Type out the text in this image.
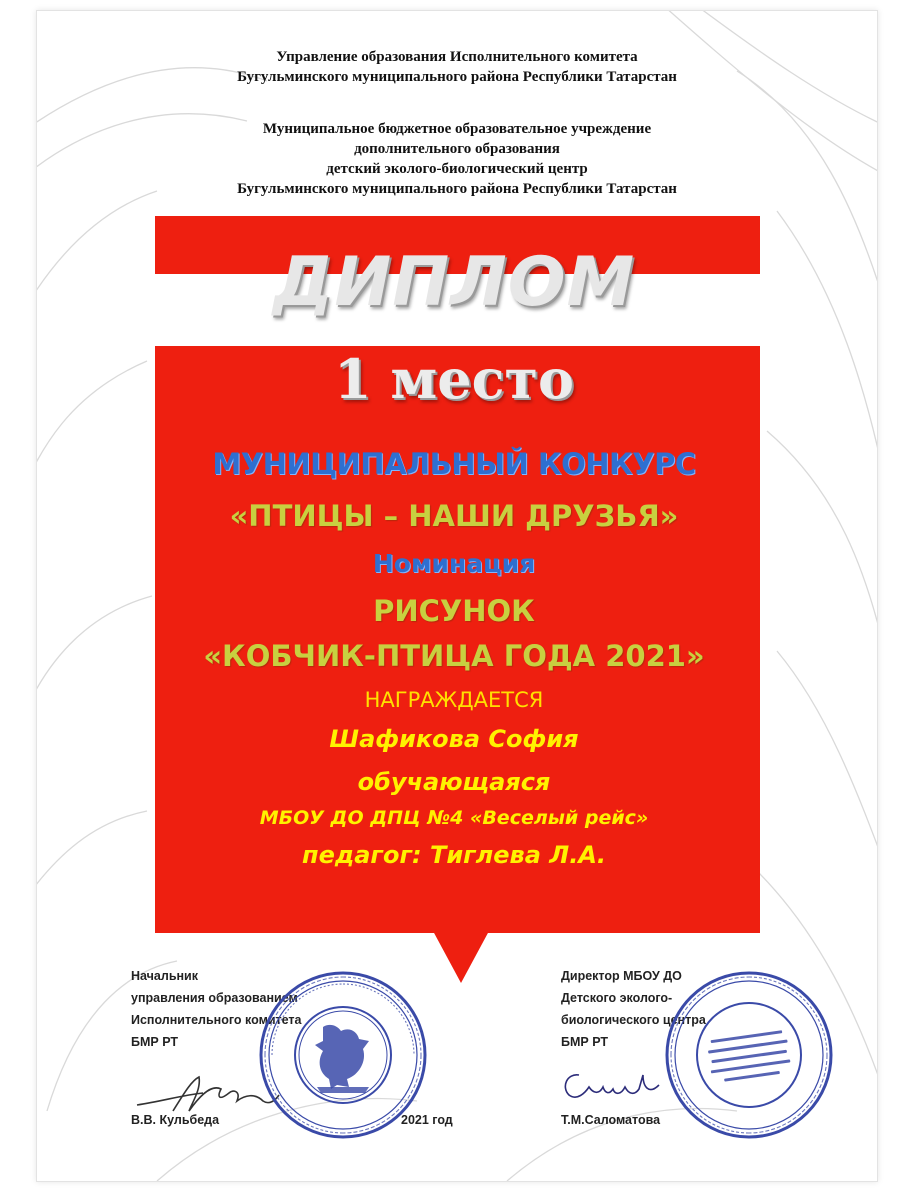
Управление образования Исполнительного комитета
Бугульминского муниципального района Республики Татарстан
Муниципальное бюджетное образовательное учреждение
дополнительного образования
детский эколого-биологический центр
Бугульминского муниципального района Республики Татарстан
ДИПЛОМ
1 место
МУНИЦИПАЛЬНЫЙ КОНКУРС
«ПТИЦЫ – НАШИ ДРУЗЬЯ»
Номинация
РИСУНОК
«КОБЧИК-ПТИЦА ГОДА 2021»
НАГРАЖДАЕТСЯ
Шафикова София
обучающаяся
МБОУ ДО ДПЦ №4 «Веселый рейс»
педагог: Тиглева Л.А.
Начальник
управления образованием
Исполнительного комитета
БМР РТ
В.В. Кульбеда	2021 год
Директор МБОУ ДО
Детского эколого-
биологического центра
БМР РТ
Т.М.Саломатова
